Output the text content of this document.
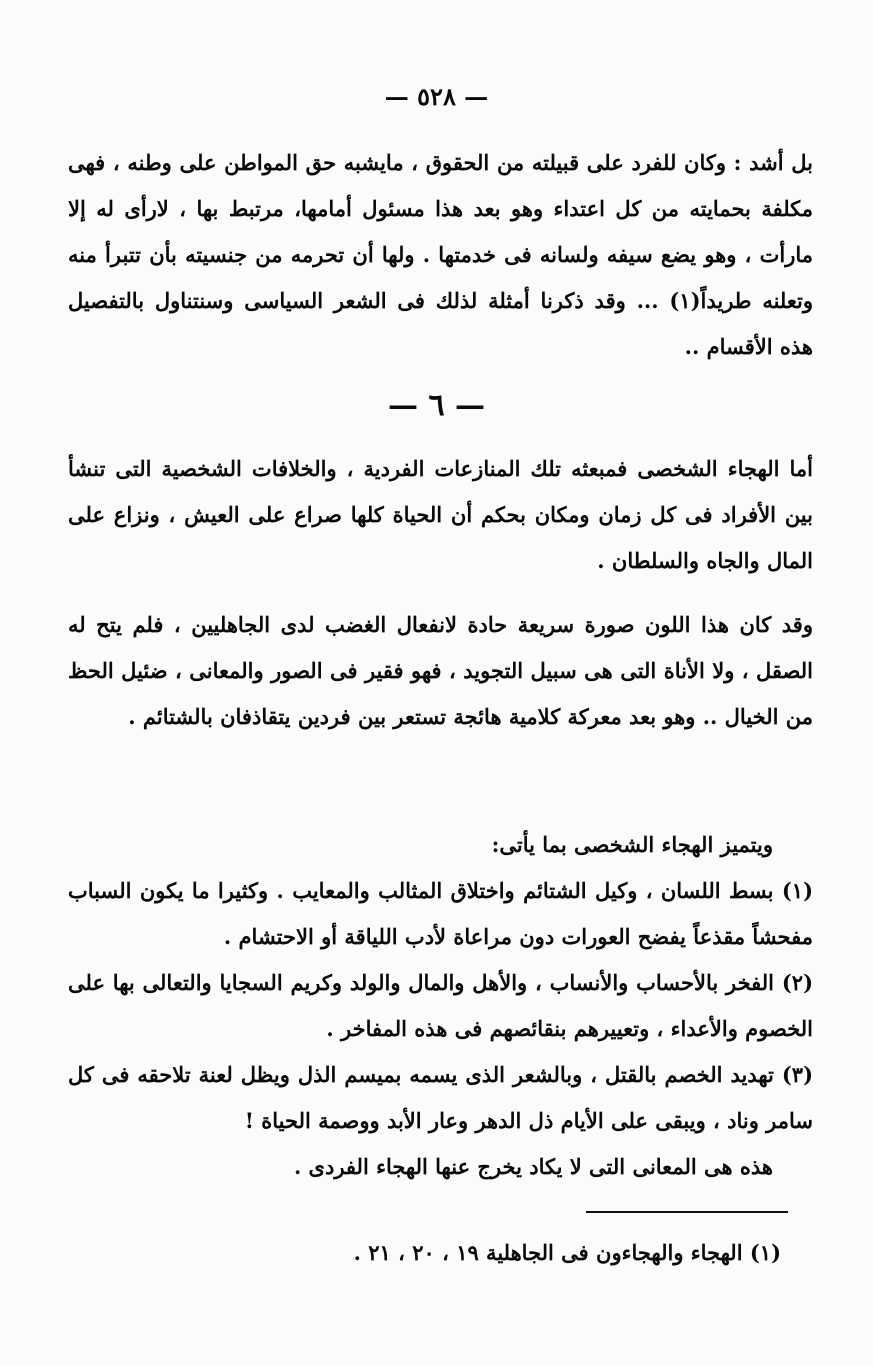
— ٥٢٨ —

بل أشد : وكان للفرد على قبيلته من الحقوق ، مايشبه حق المواطن على وطنه ، فهى مكلفة بحمايته من كل اعتداء وهو بعد هذا مسئول أمامها، مرتبط بها ، لارأى له إلا مارأت ، وهو يضع سيفه ولسانه فى خدمتها . ولها أن تحرمه من جنسيته بأن تتبرأ منه وتعلنه طريداً(١) ... وقد ذكرنا أمثلة لذلك فى الشعر السياسى وسنتناول بالتفصيل هذه الأقسام ..

— ٦ —

أما الهجاء الشخصى فمبعثه تلك المنازعات الفردية ، والخلافات الشخصية التى تنشأ بين الأفراد فى كل زمان ومكان بحكم أن الحياة كلها صراع على العيش ، ونزاع على المال والجاه والسلطان .

وقد كان هذا اللون صورة سريعة حادة لانفعال الغضب لدى الجاهليين ، فلم يتح له الصقل ، ولا الأناة التى هى سبيل التجويد ، فهو فقير فى الصور والمعانى ، ضئيل الحظ من الخيال .. وهو بعد معركة كلامية هائجة تستعر بين فردين يتقاذفان بالشتائم .

ويتميز الهجاء الشخصى بما يأتى:

(١) بسط اللسان ، وكيل الشتائم واختلاق المثالب والمعايب . وكثيرا ما يكون السباب مفحشاً مقذعاً يفضح العورات دون مراعاة لأدب اللياقة أو الاحتشام .

(٢) الفخر بالأحساب والأنساب ، والأهل والمال والولد وكريم السجايا والتعالى بها على الخصوم والأعداء ، وتعييرهم بنقائصهم فى هذه المفاخر .

(٣) تهديد الخصم بالقتل ، وبالشعر الذى يسمه بميسم الذل ويظل لعنة تلاحقه فى كل سامر وناد ، ويبقى على الأيام ذل الدهر وعار الأبد ووصمة الحياة !

هذه هى المعانى التى لا يكاد يخرج عنها الهجاء الفردى .

(١) الهجاء والهجاءون فى الجاهلية ١٩ ، ٢٠ ، ٢١ .
